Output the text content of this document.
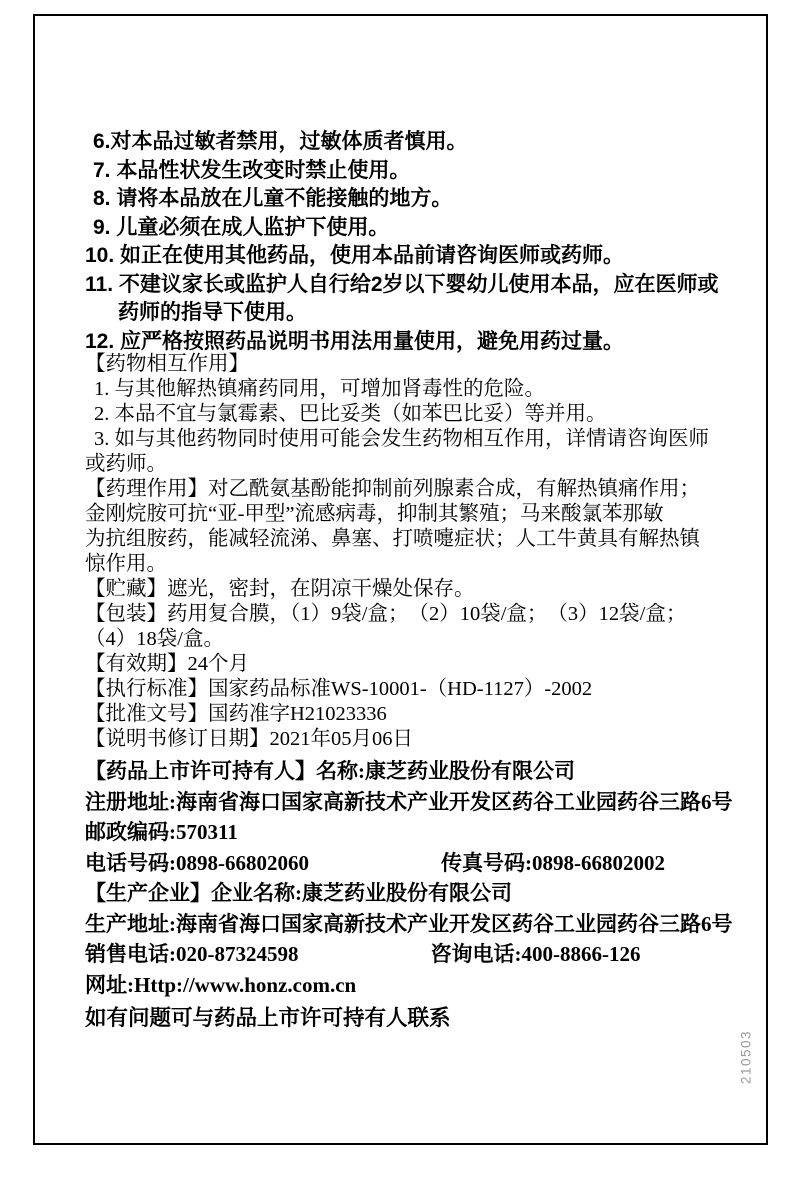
6.对本品过敏者禁用，过敏体质者慎用。
7. 本品性状发生改变时禁止使用。
8. 请将本品放在儿童不能接触的地方。
9. 儿童必须在成人监护下使用。
10. 如正在使用其他药品，使用本品前请咨询医师或药师。
11. 不建议家长或监护人自行给2岁以下婴幼儿使用本品，应在医师或
药师的指导下使用。
12. 应严格按照药品说明书用法用量使用，避免用药过量。
【药物相互作用】
1. 与其他解热镇痛药同用，可增加肾毒性的危险。
2. 本品不宜与氯霉素、巴比妥类（如苯巴比妥）等并用。
3. 如与其他药物同时使用可能会发生药物相互作用，详情请咨询医师
或药师。
【药理作用】对乙酰氨基酚能抑制前列腺素合成，有解热镇痛作用；
金刚烷胺可抗“亚-甲型”流感病毒，抑制其繁殖；马来酸氯苯那敏
为抗组胺药，能减轻流涕、鼻塞、打喷嚏症状；人工牛黄具有解热镇
惊作用。
【贮藏】遮光，密封，在阴凉干燥处保存。
【包装】药用复合膜，（1）9袋/盒；　（2）10袋/盒；　（3）12袋/盒；
（4）18袋/盒。
【有效期】24个月
【执行标准】国家药品标准WS-10001-（HD-1127）-2002
【批准文号】国药准字H21023336
【说明书修订日期】2021年05月06日
【药品上市许可持有人】名称:康芝药业股份有限公司
注册地址:海南省海口国家高新技术产业开发区药谷工业园药谷三路6号
邮政编码:570311
电话号码:0898-66802060	传真号码:0898-66802002
【生产企业】企业名称:康芝药业股份有限公司
生产地址:海南省海口国家高新技术产业开发区药谷工业园药谷三路6号
销售电话:020-87324598	咨询电话:400-8866-126
网址:Http://www.honz.com.cn
如有问题可与药品上市许可持有人联系
210503
